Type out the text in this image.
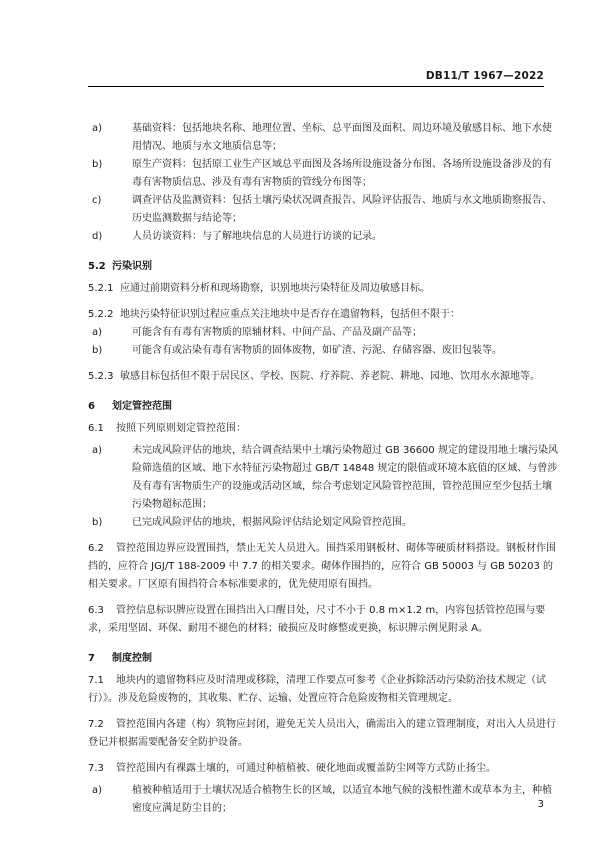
DB11/T 1967—2022
a)	基础资料：包括地块名称、地理位置、坐标、总平面图及面积、周边环境及敏感目标、地下水使用情况、地质与水文地质信息等；
b)	原生产资料：包括原工业生产区域总平面图及各场所设施设备分布图、各场所设施设备涉及的有毒有害物质信息、涉及有毒有害物质的管线分布图等；
c)	调查评估及监测资料：包括土壤污染状况调查报告、风险评估报告、地质与水文地质勘察报告、历史监测数据与结论等；
d)	人员访谈资料：与了解地块信息的人员进行访谈的记录。
5.2 污染识别
5.2.1 应通过前期资料分析和现场勘察，识别地块污染特征及周边敏感目标。
5.2.2 地块污染特征识别过程应重点关注地块中是否存在遗留物料，包括但不限于：
a)	可能含有有毒有害物质的原辅材料、中间产品、产品及副产品等；
b)	可能含有或沾染有毒有害物质的固体废物，如矿渣、污泥、存储容器、废旧包装等。
5.2.3 敏感目标包括但不限于居民区、学校、医院、疗养院、养老院、耕地、园地、饮用水水源地等。
6 划定管控范围
6.1 按照下列原则划定管控范围：
a)	未完成风险评估的地块，结合调查结果中土壤污染物超过 GB 36600 规定的建设用地土壤污染风险筛选值的区域、地下水特征污染物超过 GB/T 14848 规定的限值或环境本底值的区域、与曾涉及有毒有害物质生产的设施或活动区域，综合考虑划定风险管控范围，管控范围应至少包括土壤污染物超标范围；
b)	已完成风险评估的地块，根据风险评估结论划定风险管控范围。
6.2 管控范围边界应设置围挡，禁止无关人员进入。围挡采用钢板材、砌体等硬质材料搭设。钢板材作围挡的，应符合 JGJ/T 188-2009 中 7.7 的相关要求。砌体作围挡的，应符合 GB 50003 与 GB 50203 的相关要求。厂区原有围挡符合本标准要求的，优先使用原有围挡。
6.3 管控信息标识牌应设置在围挡出入口醒目处，尺寸不小于 0.8 m×1.2 m，内容包括管控范围与要求，采用坚固、环保、耐用不褪色的材料；破损应及时修整或更换，标识牌示例见附录 A。
7 制度控制
7.1 地块内的遗留物料应及时清理或移除，清理工作要点可参考《企业拆除活动污染防治技术规定（试行）》。涉及危险废物的，其收集、贮存、运输、处置应符合危险废物相关管理规定。
7.2 管控范围内各建（构）筑物应封闭，避免无关人员出入，确需出入的建立管理制度，对出入人员进行登记并根据需要配备安全防护设备。
7.3 管控范围内有裸露土壤的，可通过种植植被、硬化地面或覆盖防尘网等方式防止扬尘。
a)	植被种植适用于土壤状况适合植物生长的区域，以适宜本地气候的浅根性灌木或草本为主，种植密度应满足防尘目的；	3
